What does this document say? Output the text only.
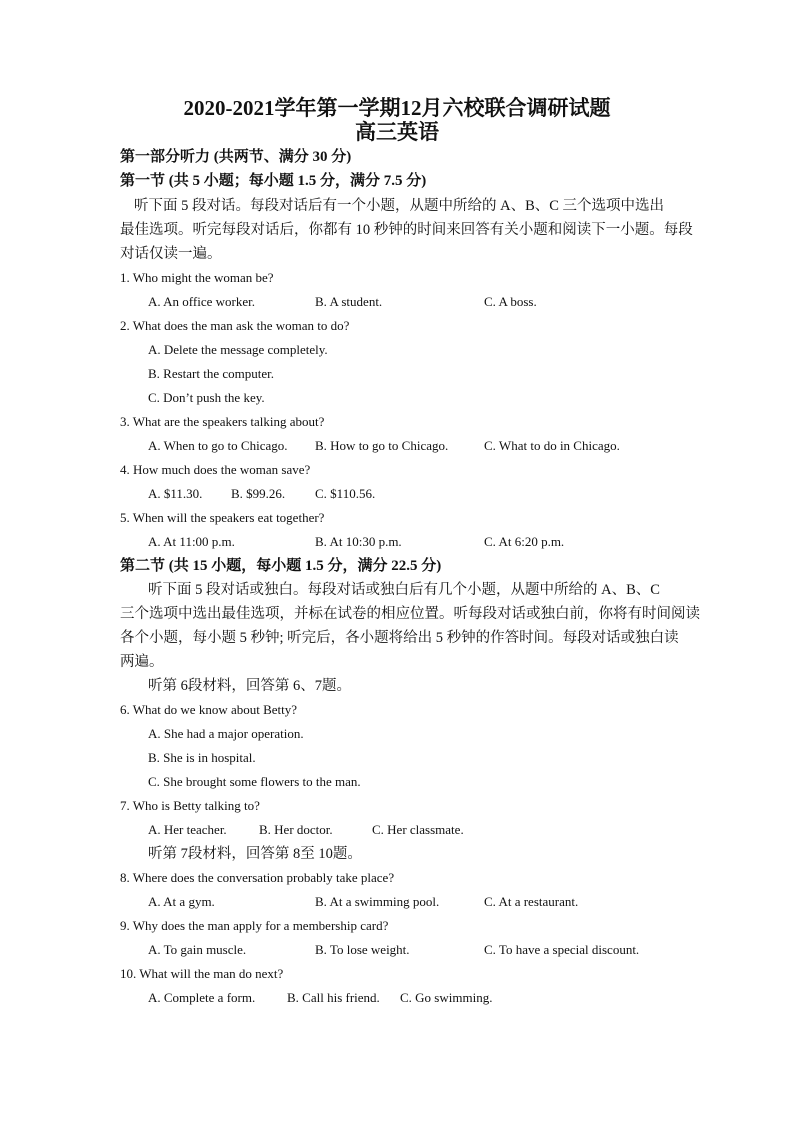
2020-2021学年第一学期12月六校联合调研试题
高三英语
第一部分听力 (共两节、满分 30 分)
第一节 (共 5 小题；每小题 1.5 分，满分 7.5 分)
听下面 5 段对话。每段对话后有一个小题，从题中所给的 A、B、C 三个选项中选出
最佳选项。听完每段对话后，你都有 10 秒钟的时间来回答有关小题和阅读下一小题。每段
对话仅读一遍。
1. Who might the woman be?
A. An office worker.	B. A student.	C. A boss.
2. What does the man ask the woman to do?
A. Delete the message completely.
B. Restart the computer.
C. Don’t push the key.
3. What are the speakers talking about?
A. When to go to Chicago. B. How to go to Chicago.	C. What to do in Chicago.
4. How much does the woman save?
A. $11.30. B. $99.26. C. $110.56.
5. When will the speakers eat together?
A. At 11:00 p.m.	B. At 10:30 p.m.	C. At 6:20 p.m.
第二节 (共 15 小题，每小题 1.5 分，满分 22.5 分)
听下面 5 段对话或独白。每段对话或独白后有几个小题，从题中所给的 A、B、C
三个选项中选出最佳选项，并标在试卷的相应位置。听每段对话或独白前，你将有时间阅读
各个小题，每小题 5 秒钟; 听完后，各小题将给出 5 秒钟的作答时间。每段对话或独白读
两遍。
听第 6段材料，回答第 6、7题。
6. What do we know about Betty?
A. She had a major operation.
B. She is in hospital.
C. She brought some flowers to the man.
7. Who is Betty talking to?
A. Her teacher. B. Her doctor.	C. Her classmate.
听第 7段材料，回答第 8至 10题。
8. Where does the conversation probably take place?
A. At a gym.	B. At a swimming pool.	C. At a restaurant.
9. Why does the man apply for a membership card?
A. To gain muscle.	B. To lose weight.	C. To have a special discount.
10. What will the man do next?
A. Complete a form. B. Call his friend. C. Go swimming.
